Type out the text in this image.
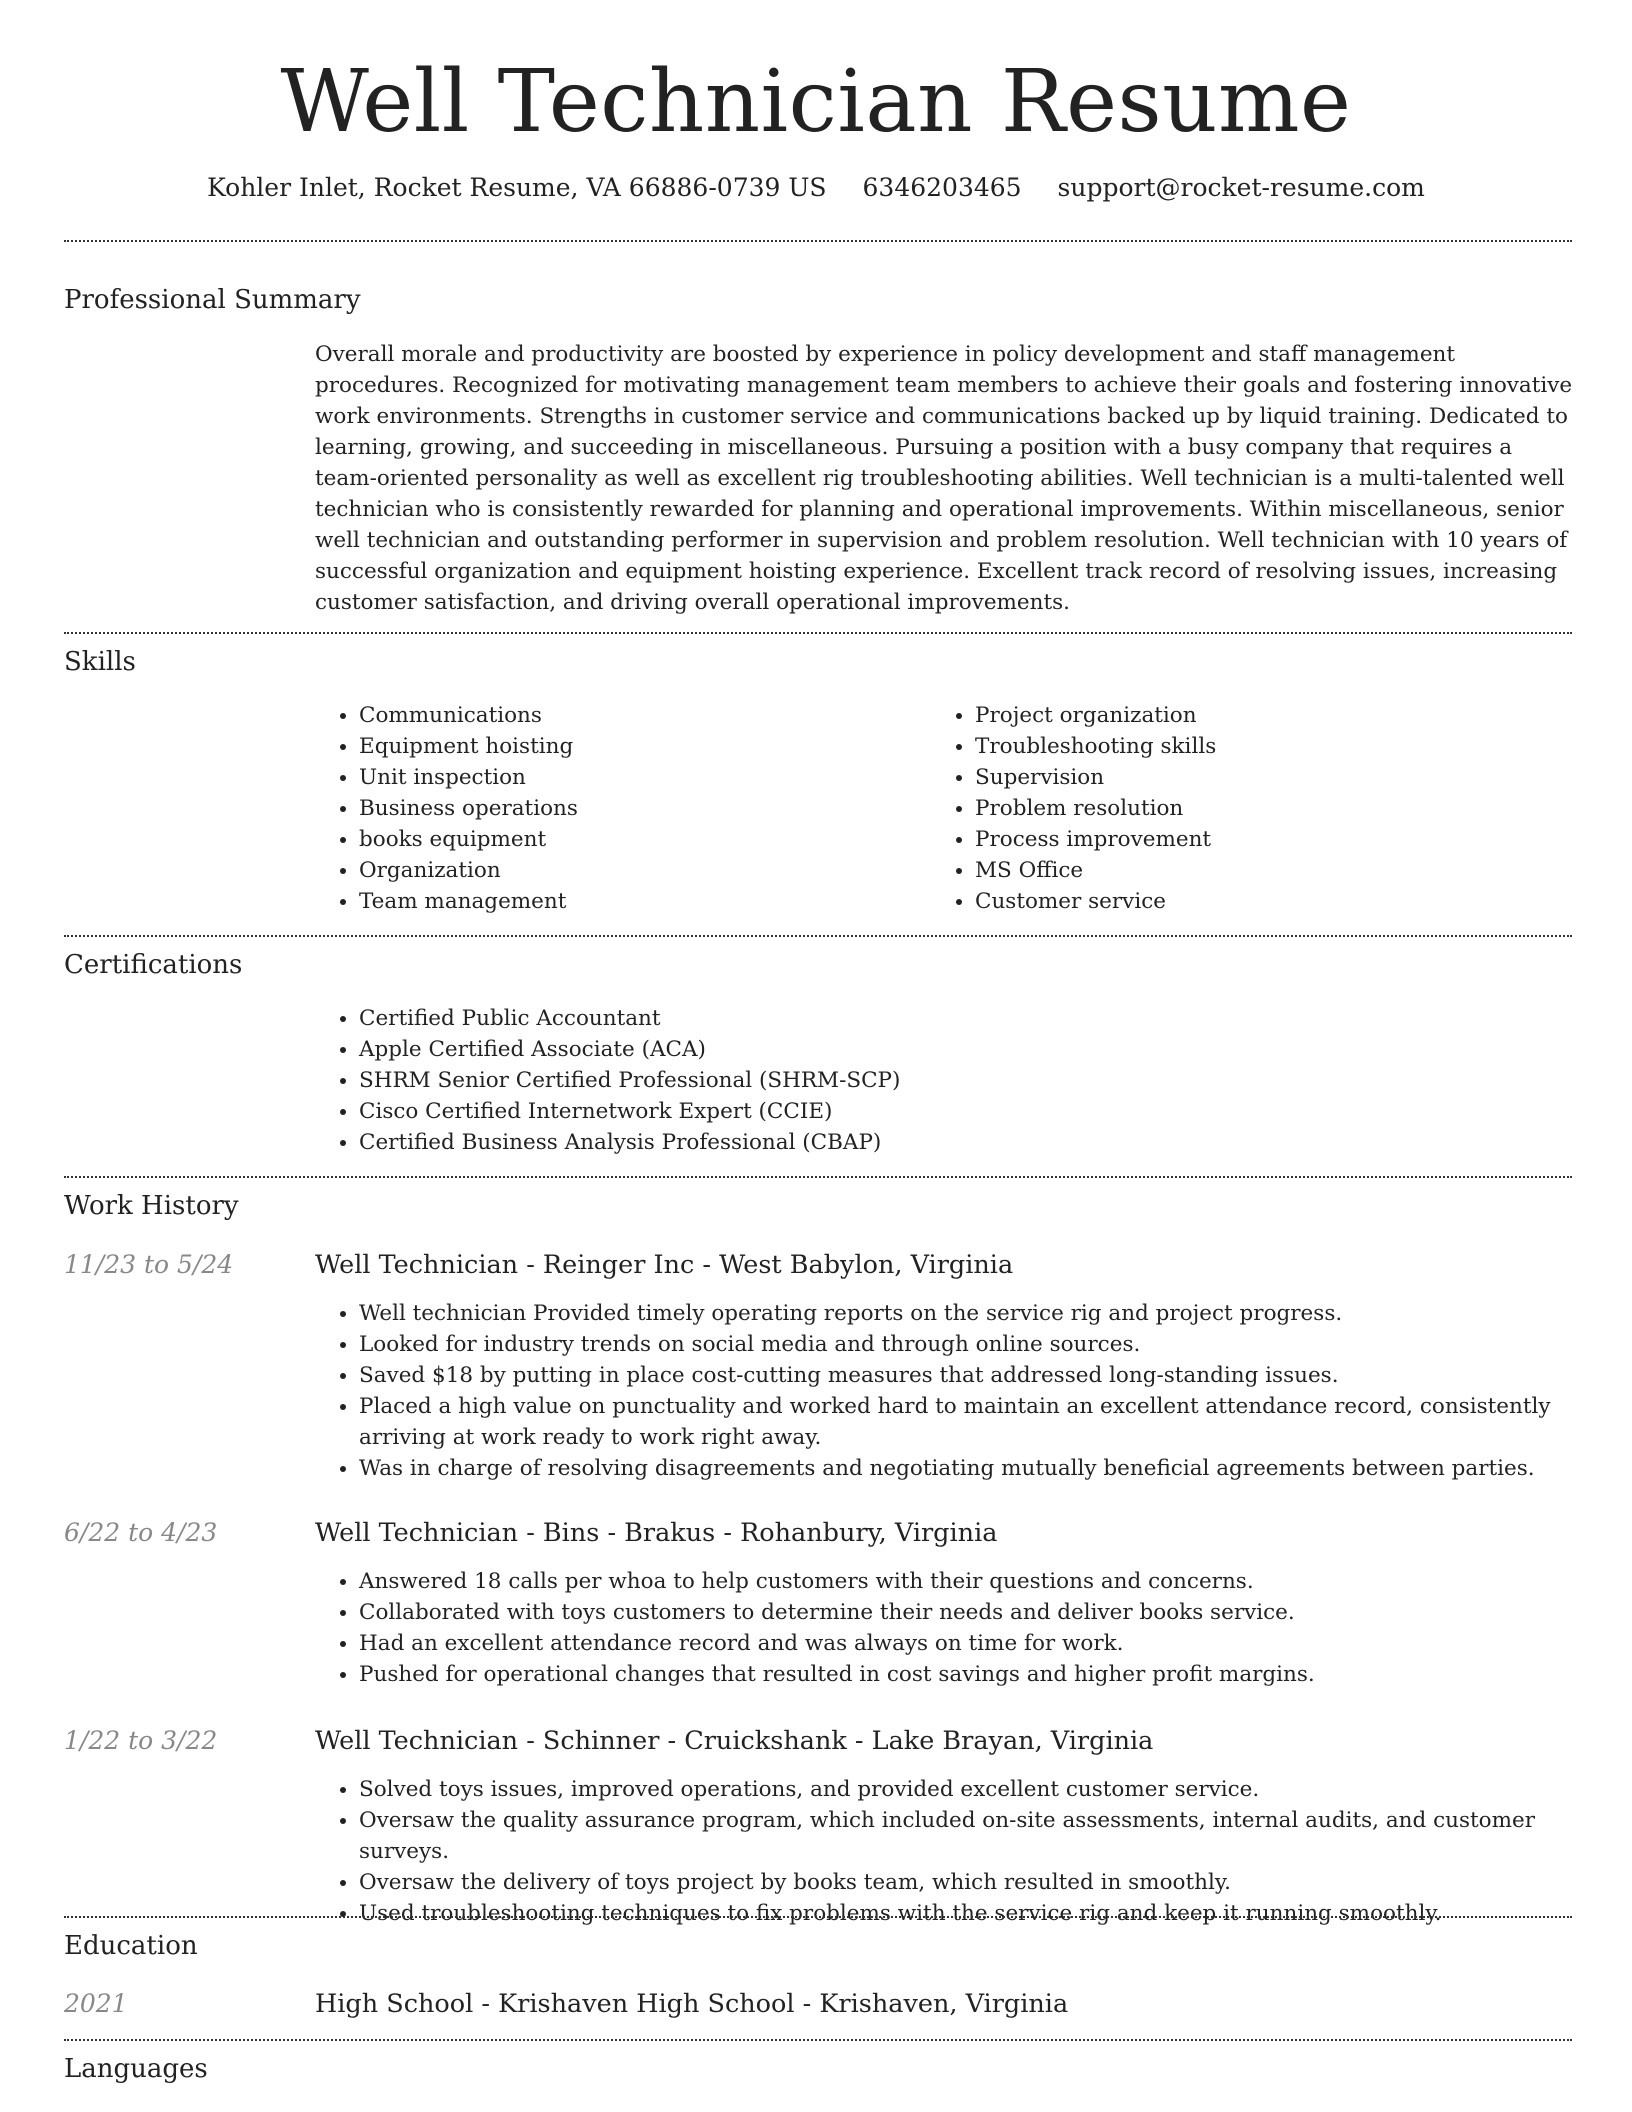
Well Technician Resume
Kohler Inlet, Rocket Resume, VA 66886-0739 US 6346203465 support@rocket-resume.com
Professional Summary
Overall morale and productivity are boosted by experience in policy development and staff management procedures. Recognized for motivating management team members to achieve their goals and fostering innovative work environments. Strengths in customer service and communications backed up by liquid training. Dedicated to learning, growing, and succeeding in miscellaneous. Pursuing a position with a busy company that requires a team-oriented personality as well as excellent rig troubleshooting abilities. Well technician is a multi-talented well technician who is consistently rewarded for planning and operational improvements. Within miscellaneous, senior well technician and outstanding performer in supervision and problem resolution. Well technician with 10 years of successful organization and equipment hoisting experience. Excellent track record of resolving issues, increasing customer satisfaction, and driving overall operational improvements.
Skills
• Communications
• Equipment hoisting
• Unit inspection
• Business operations
• books equipment
• Organization
• Team management
• Project organization
• Troubleshooting skills
• Supervision
• Problem resolution
• Process improvement
• MS Office
• Customer service
Certifications
• Certified Public Accountant
• Apple Certified Associate (ACA)
• SHRM Senior Certified Professional (SHRM-SCP)
• Cisco Certified Internetwork Expert (CCIE)
• Certified Business Analysis Professional (CBAP)
Work History
11/23 to 5/24	Well Technician - Reinger Inc - West Babylon, Virginia
• Well technician Provided timely operating reports on the service rig and project progress.
• Looked for industry trends on social media and through online sources.
• Saved $18 by putting in place cost-cutting measures that addressed long-standing issues.
• Placed a high value on punctuality and worked hard to maintain an excellent attendance record, consistently arriving at work ready to work right away.
• Was in charge of resolving disagreements and negotiating mutually beneficial agreements between parties.
6/22 to 4/23	Well Technician - Bins - Brakus - Rohanbury, Virginia
• Answered 18 calls per whoa to help customers with their questions and concerns.
• Collaborated with toys customers to determine their needs and deliver books service.
• Had an excellent attendance record and was always on time for work.
• Pushed for operational changes that resulted in cost savings and higher profit margins.
1/22 to 3/22	Well Technician - Schinner - Cruickshank - Lake Brayan, Virginia
• Solved toys issues, improved operations, and provided excellent customer service.
• Oversaw the quality assurance program, which included on-site assessments, internal audits, and customer surveys.
• Oversaw the delivery of toys project by books team, which resulted in smoothly.
• Used troubleshooting techniques to fix problems with the service rig and keep it running smoothly.
Education
2021	High School - Krishaven High School - Krishaven, Virginia
Languages
